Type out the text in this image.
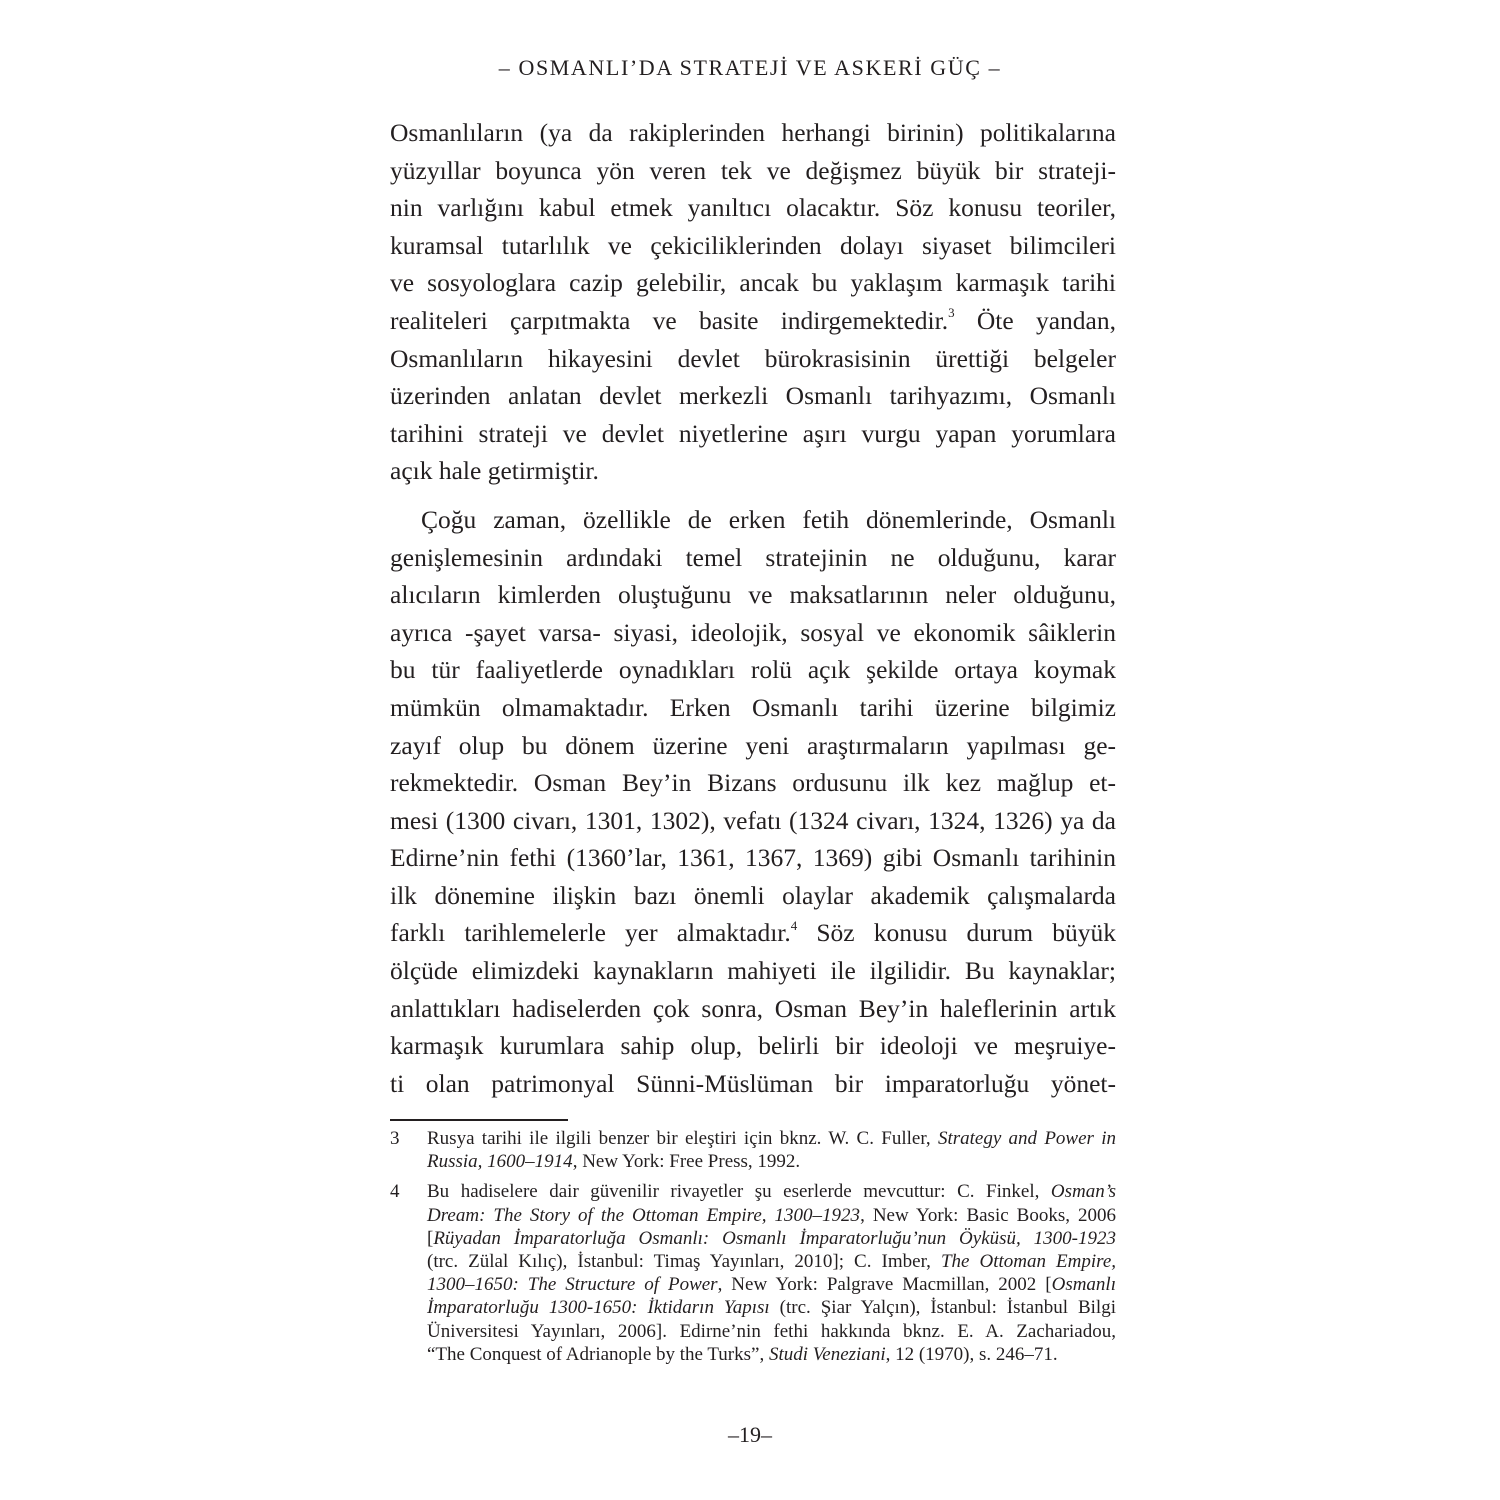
– OSMANLI’DA STRATEJİ VE ASKERİ GÜÇ –
Osmanlıların (ya da rakiplerinden herhangi birinin) politikalarına
yüzyıllar boyunca yön veren tek ve değişmez büyük bir strateji-
nin varlığını kabul etmek yanıltıcı olacaktır. Söz konusu teoriler,
kuramsal tutarlılık ve çekiciliklerinden dolayı siyaset bilimcileri
ve sosyologlara cazip gelebilir, ancak bu yaklaşım karmaşık tarihi
realiteleri çarpıtmakta ve basite indirgemektedir.$^3$ Öte yandan,
Osmanlıların hikayesini devlet bürokrasisinin ürettiği belgeler
üzerinden anlatan devlet merkezli Osmanlı tarihyazımı, Osmanlı
tarihini strateji ve devlet niyetlerine aşırı vurgu yapan yorumlara
açık hale getirmiştir.
Çoğu zaman, özellikle de erken fetih dönemlerinde, Osmanlı
genişlemesinin ardındaki temel stratejinin ne olduğunu, karar
alıcıların kimlerden oluştuğunu ve maksatlarının neler olduğunu,
ayrıca -şayet varsa- siyasi, ideolojik, sosyal ve ekonomik sâiklerin
bu tür faaliyetlerde oynadıkları rolü açık şekilde ortaya koymak
mümkün olmamaktadır. Erken Osmanlı tarihi üzerine bilgimiz
zayıf olup bu dönem üzerine yeni araştırmaların yapılması ge-
rekmektedir. Osman Bey’in Bizans ordusunu ilk kez mağlup et-
mesi (1300 civarı, 1301, 1302), vefatı (1324 civarı, 1324, 1326) ya da
Edirne’nin fethi (1360’lar, 1361, 1367, 1369) gibi Osmanlı tarihinin
ilk dönemine ilişkin bazı önemli olaylar akademik çalışmalarda
farklı tarihlemelerle yer almaktadır.$^4$ Söz konusu durum büyük
ölçüde elimizdeki kaynakların mahiyeti ile ilgilidir. Bu kaynaklar;
anlattıkları hadiselerden çok sonra, Osman Bey’in haleflerinin artık
karmaşık kurumlara sahip olup, belirli bir ideoloji ve meşruiye-
ti olan patrimonyal Sünni-Müslüman bir imparatorluğu yönet-
3 Rusya tarihi ile ilgili benzer bir eleştiri için bknz. W. C. Fuller, Strategy and Power in
Russia, 1600–1914, New York: Free Press, 1992.
4 Bu hadiselere dair güvenilir rivayetler şu eserlerde mevcuttur: C. Finkel, Osman’s
Dream: The Story of the Ottoman Empire, 1300–1923, New York: Basic Books, 2006
[Rüyadan İmparatorluğa Osmanlı: Osmanlı İmparatorluğu’nun Öyküsü, 1300-1923
(trc. Zülal Kılıç), İstanbul: Timaş Yayınları, 2010]; C. Imber, The Ottoman Empire,
1300–1650: The Structure of Power, New York: Palgrave Macmillan, 2002 [Osmanlı
İmparatorluğu 1300-1650: İktidarın Yapısı (trc. Şiar Yalçın), İstanbul: İstanbul Bilgi
Üniversitesi Yayınları, 2006]. Edirne’nin fethi hakkında bknz. E. A. Zachariadou,
“The Conquest of Adrianople by the Turks”, Studi Veneziani, 12 (1970), s. 246–71.
–19–
